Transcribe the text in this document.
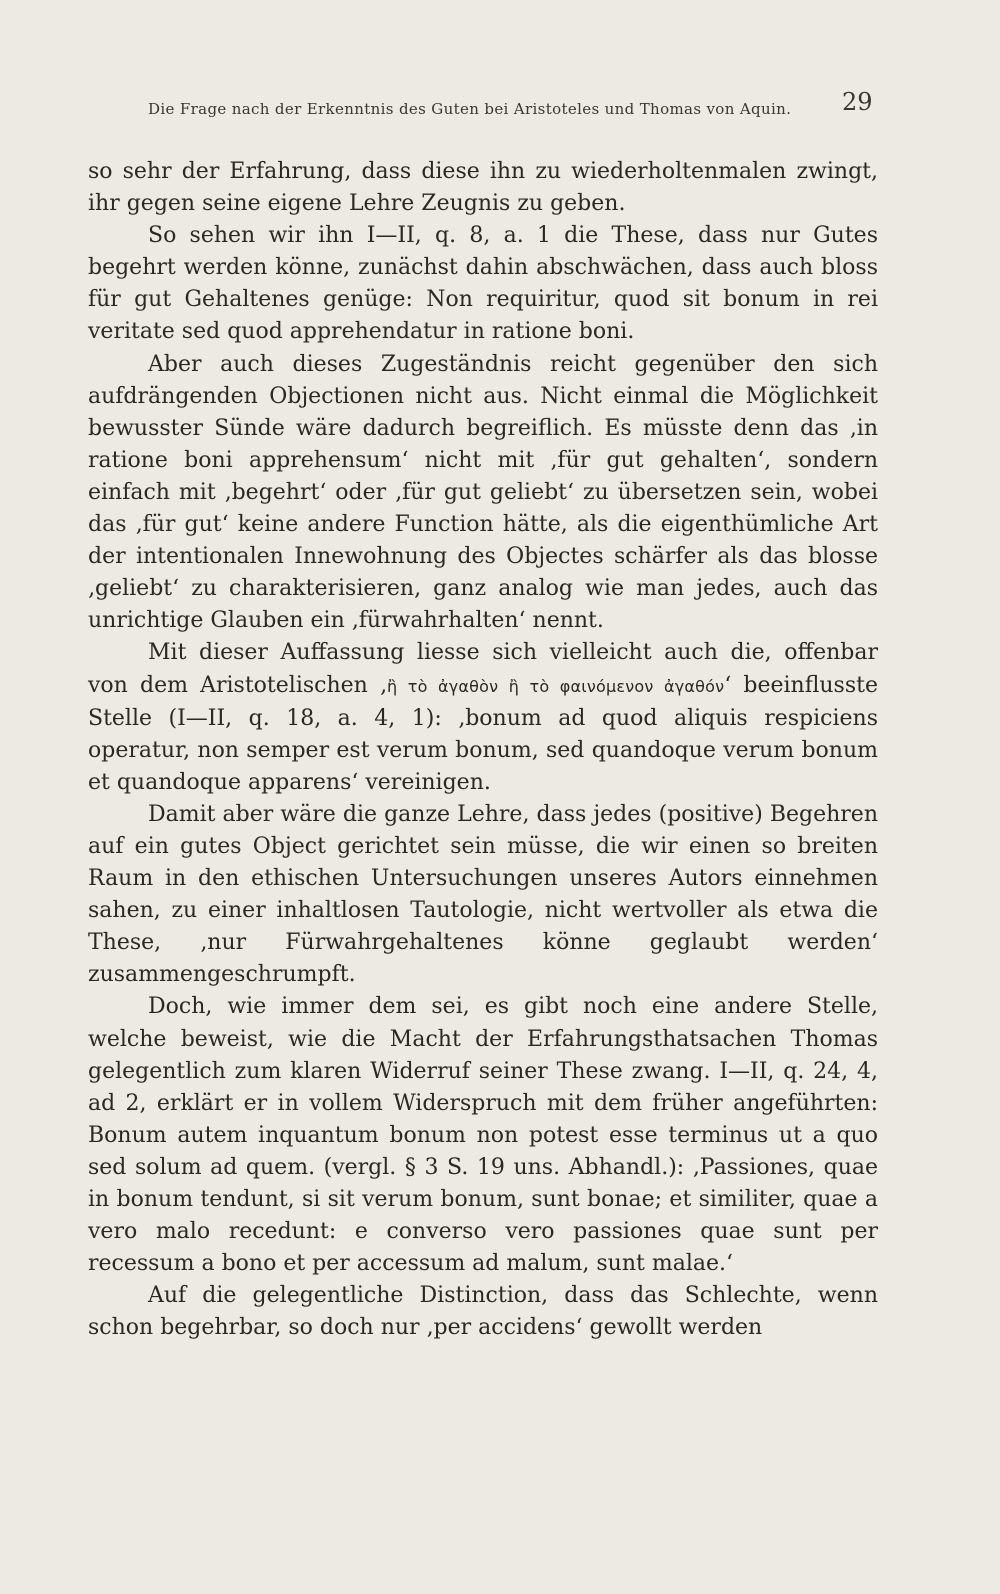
Die Frage nach der Erkenntnis des Guten bei Aristoteles und Thomas von Aquin. 29

so sehr der Erfahrung, dass diese ihn zu wiederholtenmalen zwingt, ihr gegen seine eigene Lehre Zeugnis zu geben.

So sehen wir ihn I—II, q. 8, a. 1 die These, dass nur Gutes begehrt werden könne, zunächst dahin abschwächen, dass auch bloss für gut Gehaltenes genüge: Non requiritur, quod sit bonum in rei veritate sed quod apprehendatur in ratione boni.

Aber auch dieses Zugeständnis reicht gegenüber den sich aufdrängenden Objectionen nicht aus. Nicht einmal die Möglichkeit bewusster Sünde wäre dadurch begreiflich. Es müsste denn das ‚in ratione boni apprehensum‘ nicht mit ‚für gut gehalten‘, sondern einfach mit ‚begehrt‘ oder ‚für gut geliebt‘ zu übersetzen sein, wobei das ‚für gut‘ keine andere Function hätte, als die eigenthümliche Art der intentionalen Innewohnung des Objectes schärfer als das blosse ‚geliebt‘ zu charakterisieren, ganz analog wie man jedes, auch das unrichtige Glauben ein ‚fürwahrhalten‘ nennt.

Mit dieser Auffassung liesse sich vielleicht auch die, offenbar von dem Aristotelischen ‚ἢ τὸ ἀγαθὸν ἢ τὸ φαινόμενον ἀγαθόν‘ beeinflusste Stelle (I—II, q. 18, a. 4, 1): ‚bonum ad quod aliquis respiciens operatur, non semper est verum bonum, sed quandoque verum bonum et quandoque apparens‘ vereinigen.

Damit aber wäre die ganze Lehre, dass jedes (positive) Begehren auf ein gutes Object gerichtet sein müsse, die wir einen so breiten Raum in den ethischen Untersuchungen unseres Autors einnehmen sahen, zu einer inhaltlosen Tautologie, nicht wertvoller als etwa die These, ‚nur Fürwahrgehaltenes könne geglaubt werden‘ zusammengeschrumpft.

Doch, wie immer dem sei, es gibt noch eine andere Stelle, welche beweist, wie die Macht der Erfahrungsthatsachen Thomas gelegentlich zum klaren Widerruf seiner These zwang. I—II, q. 24, 4, ad 2, erklärt er in vollem Widerspruch mit dem früher angeführten: Bonum autem inquantum bonum non potest esse terminus ut a quo sed solum ad quem. (vergl. § 3 S. 19 uns. Abhandl.): ‚Passiones, quae in bonum tendunt, si sit verum bonum, sunt bonae; et similiter, quae a vero malo recedunt: e converso vero passiones quae sunt per recessum a bono et per accessum ad malum, sunt malae.‘

Auf die gelegentliche Distinction, dass das Schlechte, wenn schon begehrbar, so doch nur ‚per accidens‘ gewollt werden
